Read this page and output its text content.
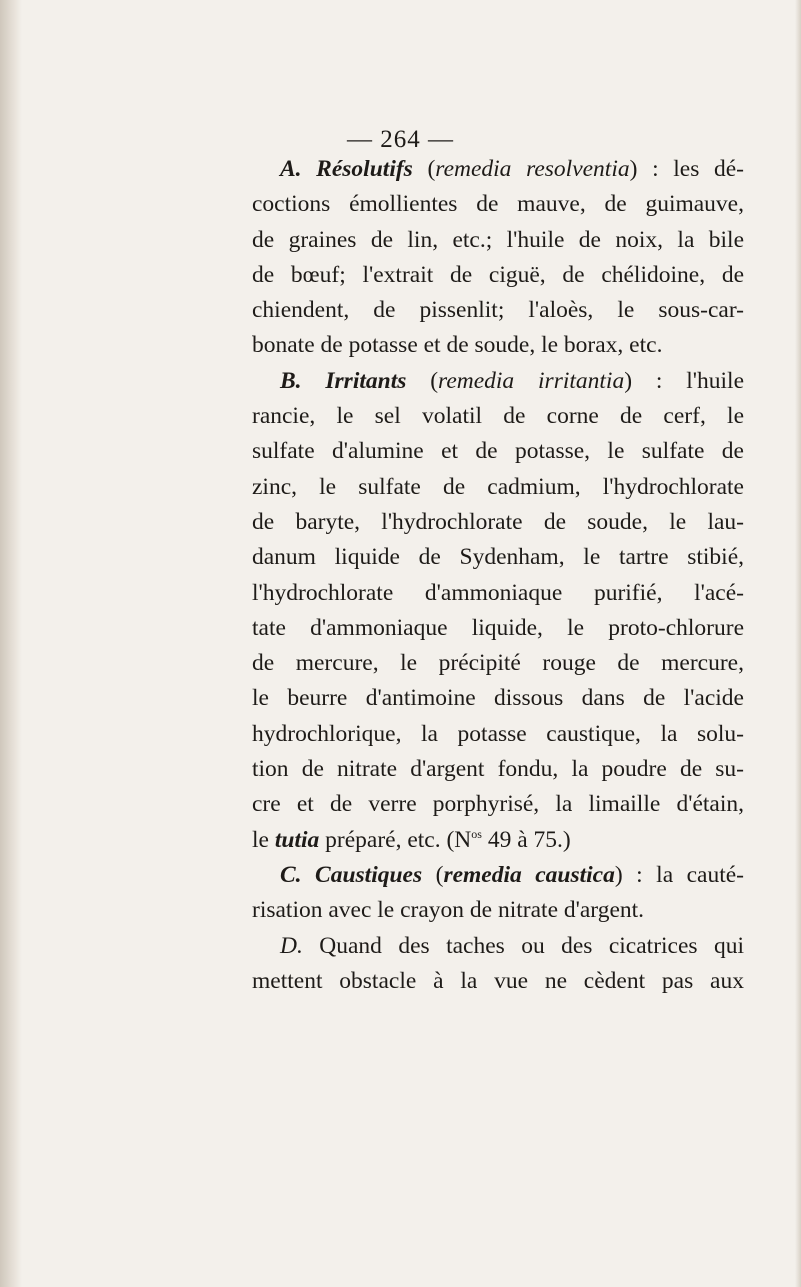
— 264 —
A. Résolutifs (remedia resolventia) : les dé-
coctions émollientes de mauve, de guimauve,
de graines de lin, etc.; l'huile de noix, la bile
de bœuf; l'extrait de ciguë, de chélidoine, de
chiendent, de pissenlit; l'aloès, le sous-car-
bonate de potasse et de soude, le borax, etc.
B. Irritants (remedia irritantia) : l'huile
rancie, le sel volatil de corne de cerf, le
sulfate d'alumine et de potasse, le sulfate de
zinc, le sulfate de cadmium, l'hydrochlorate
de baryte, l'hydrochlorate de soude, le lau-
danum liquide de Sydenham, le tartre stibié,
l'hydrochlorate d'ammoniaque purifié, l'acé-
tate d'ammoniaque liquide, le proto-chlorure
de mercure, le précipité rouge de mercure,
le beurre d'antimoine dissous dans de l'acide
hydrochlorique, la potasse caustique, la solu-
tion de nitrate d'argent fondu, la poudre de su-
cre et de verre porphyrisé, la limaille d'étain,
le tutia préparé, etc. ($N^{os}$ 49 à 75.)
C. Caustiques (remedia caustica) : la cauté-
risation avec le crayon de nitrate d'argent.
D. Quand des taches ou des cicatrices qui
mettent obstacle à la vue ne cèdent pas aux
